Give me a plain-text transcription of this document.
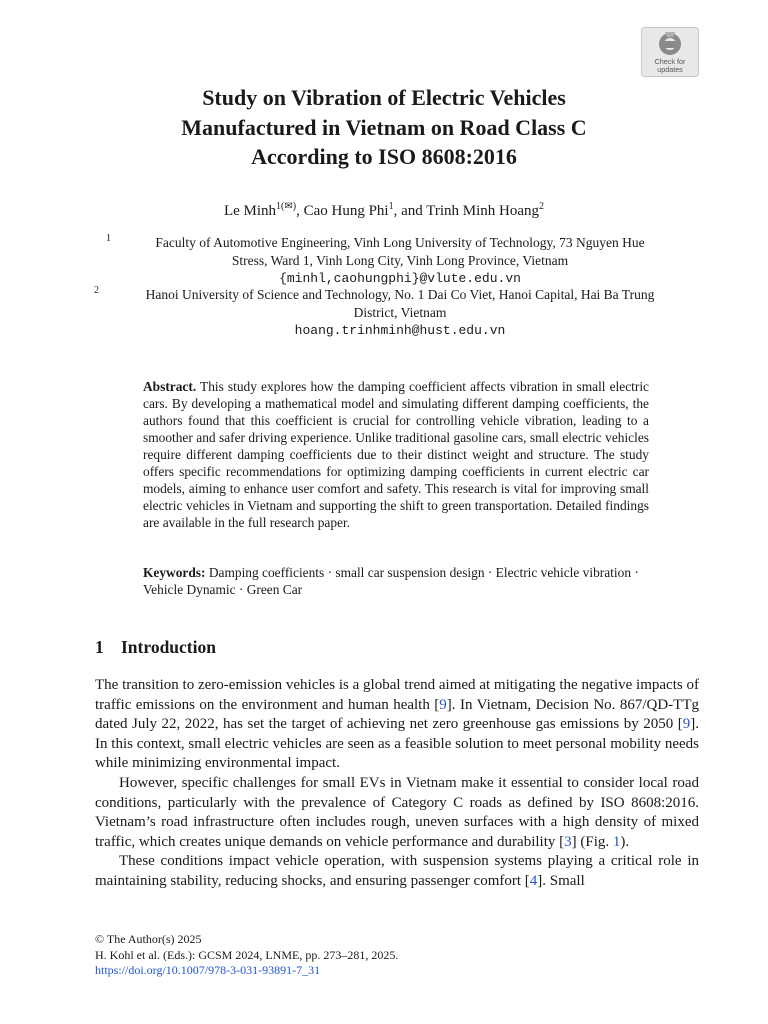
Check for
updates
Study on Vibration of Electric Vehicles
Manufactured in Vietnam on Road Class C
According to ISO 8608:2016
Le Minh$^{1(✉)}$, Cao Hung Phi$^1$, and Trinh Minh Hoang$^2$
1	Faculty of Automotive Engineering, Vinh Long University of Technology, 73 Nguyen Hue
Stress, Ward 1, Vinh Long City, Vinh Long Province, Vietnam
{minhl,caohungphi}@vlute.edu.vn
2	Hanoi University of Science and Technology, No. 1 Dai Co Viet, Hanoi Capital, Hai Ba Trung
District, Vietnam
hoang.trinhminh@hust.edu.vn
Abstract. This study explores how the damping coefficient affects vibration in small electric cars. By developing a mathematical model and simulating different damping coefficients, the authors found that this coefficient is crucial for controlling vehicle vibration, leading to a smoother and safer driving experience. Unlike traditional gasoline cars, small electric vehicles require different damping coefficients due to their distinct weight and structure. The study offers specific recommendations for optimizing damping coefficients in current electric car models, aiming to enhance user comfort and safety. This research is vital for improving small electric vehicles in Vietnam and supporting the shift to green transportation. Detailed findings are available in the full research paper.
Keywords: Damping coefficients · small car suspension design · Electric vehicle vibration · Vehicle Dynamic · Green Car
1 Introduction

The transition to zero-emission vehicles is a global trend aimed at mitigating the negative impacts of traffic emissions on the environment and human health [9]. In Vietnam, Decision No. 867/QD-TTg dated July 22, 2022, has set the target of achieving net zero greenhouse gas emissions by 2050 [9]. In this context, small electric vehicles are seen as a feasible solution to meet personal mobility needs while minimizing environmental impact.

However, specific challenges for small EVs in Vietnam make it essential to consider local road conditions, particularly with the prevalence of Category C roads as defined by ISO 8608:2016. Vietnam’s road infrastructure often includes rough, uneven surfaces with a high density of mixed traffic, which creates unique demands on vehicle performance and durability [3] (Fig. 1).

These conditions impact vehicle operation, with suspension systems playing a critical role in maintaining stability, reducing shocks, and ensuring passenger comfort [4]. Small

© The Author(s) 2025
H. Kohl et al. (Eds.): GCSM 2024, LNME, pp. 273–281, 2025.
https://doi.org/10.1007/978-3-031-93891-7_31
